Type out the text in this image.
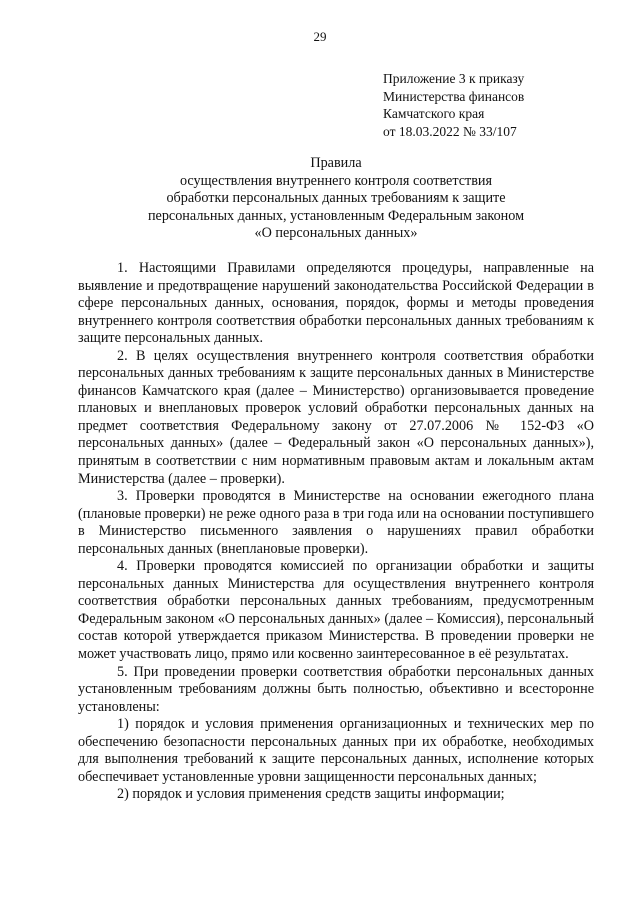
29
Приложение 3 к приказу
Министерства финансов
Камчатского края
от 18.03.2022 № 33/107
Правила
осуществления внутреннего контроля соответствия
обработки персональных данных требованиям к защите
персональных данных, установленным Федеральным законом
«О персональных данных»

1. Настоящими Правилами определяются процедуры, направленные на выявление и предотвращение нарушений законодательства Российской Федерации в сфере персональных данных, основания, порядок, формы и методы проведения внутреннего контроля соответствия обработки персональных данных требованиям к защите персональных данных.

2. В целях осуществления внутреннего контроля соответствия обработки персональных данных требованиям к защите персональных данных в Министерстве финансов Камчатского края (далее – Министерство) организовывается проведение плановых и внеплановых проверок условий обработки персональных данных на предмет соответствия Федеральному закону от 27.07.2006 № 152-ФЗ «О персональных данных» (далее – Федеральный закон «О персональных данных»), принятым в соответствии с ним нормативным правовым актам и локальным актам Министерства (далее – проверки).

3. Проверки проводятся в Министерстве на основании ежегодного плана (плановые проверки) не реже одного раза в три года или на основании поступившего в Министерство письменного заявления о нарушениях правил обработки персональных данных (внеплановые проверки).

4. Проверки проводятся комиссией по организации обработки и защиты персональных данных Министерства для осуществления внутреннего контроля соответствия обработки персональных данных требованиям, предусмотренным Федеральным законом «О персональных данных» (далее – Комиссия), персональный состав которой утверждается приказом Министерства. В проведении проверки не может участвовать лицо, прямо или косвенно заинтересованное в её результатах.

5. При проведении проверки соответствия обработки персональных данных установленным требованиям должны быть полностью, объективно и всесторонне установлены:

1) порядок и условия применения организационных и технических мер по обеспечению безопасности персональных данных при их обработке, необходимых для выполнения требований к защите персональных данных, исполнение которых обеспечивает установленные уровни защищенности персональных данных;

2) порядок и условия применения средств защиты информации;
